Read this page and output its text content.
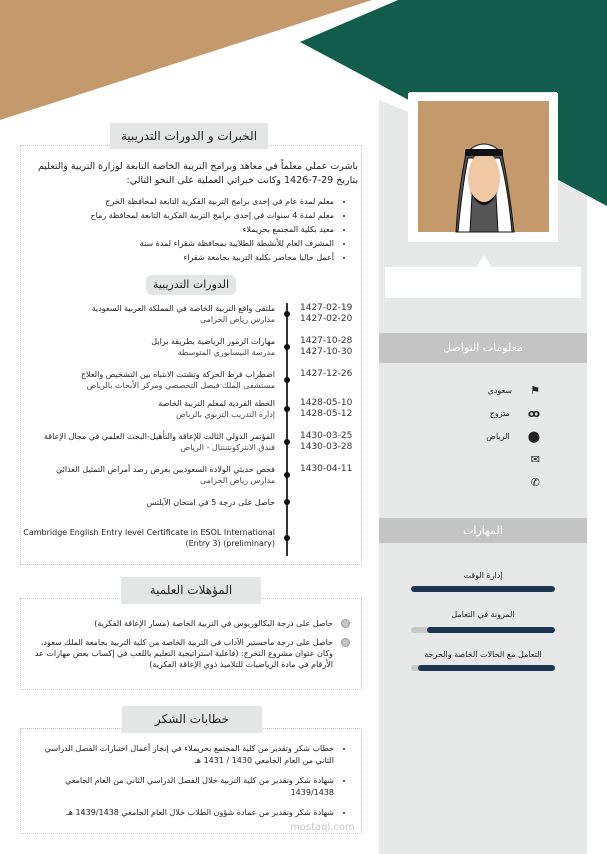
معلومات التواصل
سعودي ⚑
متزوج ꝏ
الرياض ⬤
✉
✆
المهارات
إدارة الوقت
المرونة في التعامل
التعامل مع الحالات الخاصة والحرجة
الخبرات و الدورات التدريبية
باشرت عملي معلماً في معاهد وبرامج التربية الخاصة التابعة لوزارة التربية والتعليم بتاريخ 29-7-1426 وكانت خبراتي العملية على النحو التالي:
• معلم لمدة عام في إحدى برامج التربية الفكرية التابعة لمحافظة الخرج
• معلم لمدة 4 سنوات في إحدى برامج التربية الفكرية التابعة لمحافظة رماح
• معيد بكلية المجتمع بحريملاء
• المشرف العام للأنشطة الطلابية بمحافظة شقراء لمدة سنة
• أعمل حاليا محاضر بكلية التربية بجامعة شقراء
الدورات التدريبية
ملتقى واقع التربية الخاصة في المملكة العربية السعودية
مدارس رياض الخزامى
1427-02-19
1427-02-20
مهارات الرموز الرياضية بطريقة برايل
مدرسة النيسابوري المتوسطة
1427-10-28
1427-10-30
اضطراب فرط الحركة وتشتت الانتباه بين التشخيص والعلاج
مستشفى الملك فيصل التخصصي ومركز الأبحاث بالرياض
1427-12-26
الخطة الفردية لمعلم التربية الخاصة
إدارة التدريب التربوي بالرياض
1428-05-10
1428-05-12
المؤتمر الدولي الثالث للإعاقة والتأهيل-البحث العلمي في مجال الإعاقة
فندق الانتركونتننتال - الرياض
1430-03-25
1430-03-28
فحص حديثي الولادة السعوديين بغرض رصد أمراض التمثيل الغذائي
مدارس رياض الخزامى
1430-04-11
حاصل على درجة 5 في امتحان الآيلتس
Cambridge English Entry level Certificate in ESOL International (Entry 3) (preliminary)
المؤهلات العلمية
حاصل على درجة البكالوريوس في التربية الخاصة (مسار الإعاقة الفكرية)
حاصل على درجة ماجستير الآداب في التربية الخاصة من كلية التربية بجامعة الملك سعود، وكان عنوان مشروع التخرج: (فاعلية استراتيجية التعليم باللعب في إكساب بعض مهارات عد الأرقام في مادة الرياضيات للتلاميذ ذوي الإعاقة الفكرية)
خطابات الشكر
• خطاب شكر وتقدير من كلية المجتمع بحريملاء في إنجاز أعمال اختبارات الفصل الدراسي الثاني من العام الجامعي 1430 / 1431 هـ
• شهادة شكر وتقدير من كلية التربية خلال الفصل الدراسي الثاني من العام الجامعي 1439/1438
• شهادة شكر وتقدير من عمادة شؤون الطلاب خلال العام الجامعي 1439/1438 هـ
mostaql.com
